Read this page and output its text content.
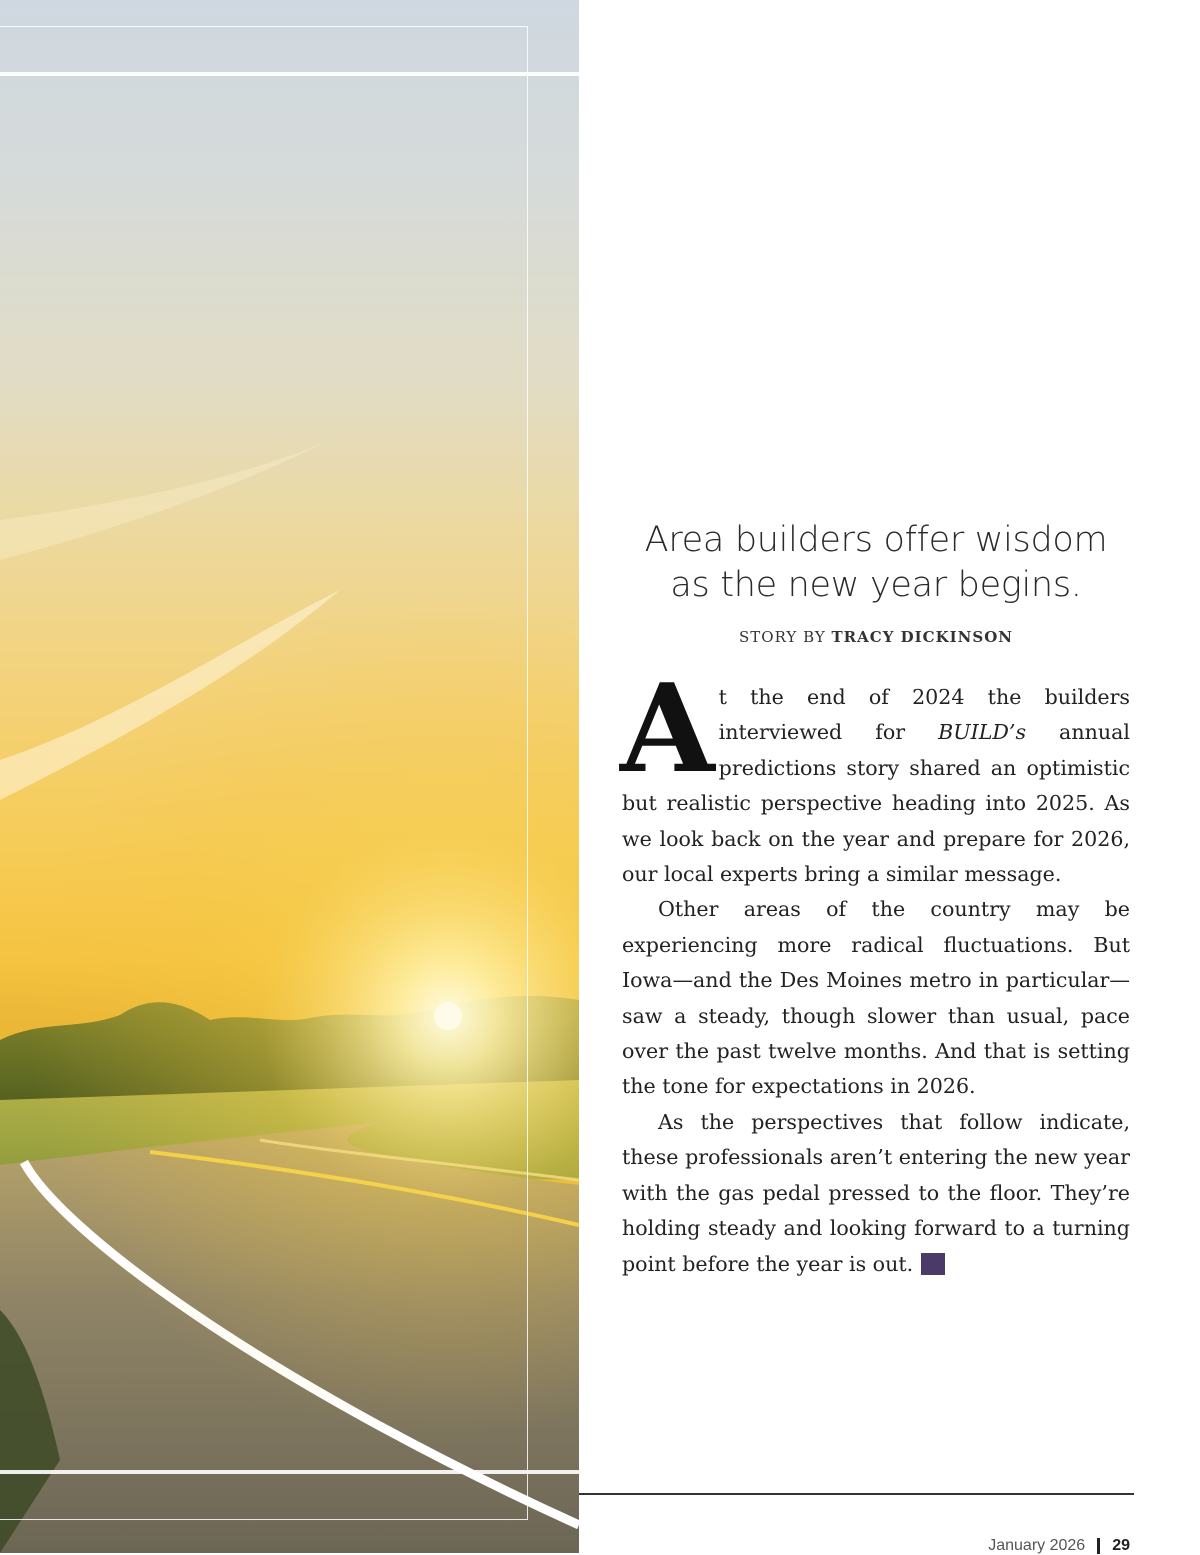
Area builders offer wisdom
as the new year begins.
STORY BY TRACY DICKINSON

At the end of 2024 the builders interviewed for BUILD’s annual predictions story shared an optimistic but realistic perspective heading into 2025. As we look back on the year and prepare for 2026, our local experts bring a similar message.

Other areas of the country may be experiencing more radical fluctuations. But Iowa—and the Des Moines metro in particular—saw a steady, though slower than usual, pace over the past twelve months. And that is setting the tone for expectations in 2026.

As the perspectives that follow indicate, these professionals aren’t entering the new year with the gas pedal pressed to the floor. They’re holding steady and looking forward to a turning point before the year is out.	B

January 2026 29
